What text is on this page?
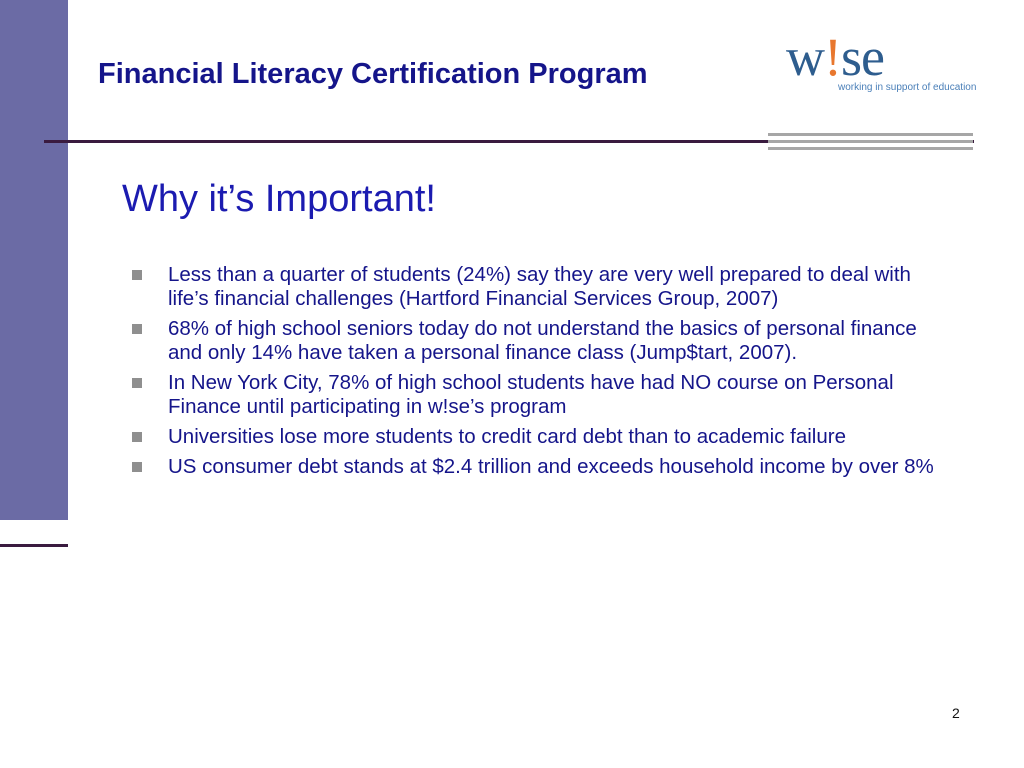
Financial Literacy Certification Program	w!se
working in support of education
Why it’s Important!
Less than a quarter of students (24%) say they are very well prepared to deal with life’s financial challenges (Hartford Financial Services Group, 2007)
68% of high school seniors today do not understand the basics of personal finance and only 14% have taken a personal finance class (Jump$tart, 2007).
In New York City, 78% of high school students have had NO course on Personal Finance until participating in w!se’s program
Universities lose more students to credit card debt than to academic failure
US consumer debt stands at $2.4 trillion and exceeds household income by over 8%
2
